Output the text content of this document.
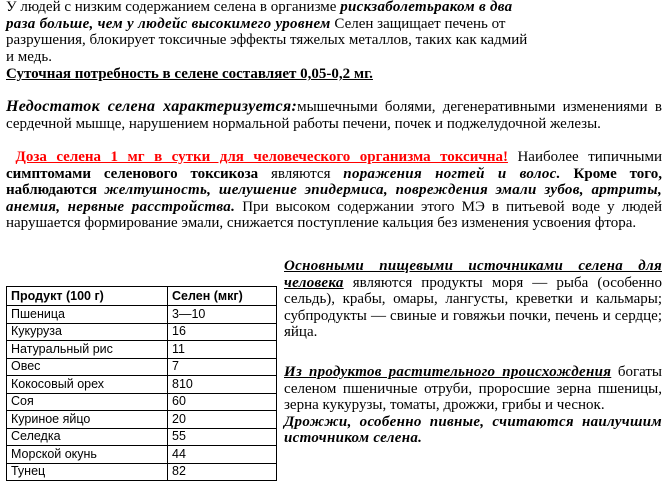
У людей с низким содержанием селена в организме рискзаболетьраком в два
раза больше, чем у людейс высокимего уровнем Селен защищает печень от
разрушения, блокирует токсичные эффекты тяжелых металлов, таких как кадмий
и медь.
Суточная потребность в селене составляет 0,05-0,2 мг.
Недостаток селена характеризуется:мышечными болями, дегенеративными изменениями в сердечной мышце, нарушением нормальной работы печени, почек и поджелудочной железы.
Доза селена 1 мг в сутки для человеческого организма токсична! Наиболее типичными симптомами селенового токсикоза являются поражения ногтей и волос. Кроме того, наблюдаются желтушность, шелушение эпидермиса, повреждения эмали зубов, артриты, анемия, нервные расстройства. При высоком содержании этого МЭ в питьевой воде у людей нарушается формирование эмали, снижается поступление кальция без изменения усвоения фтора.
Продукт (100 г)	Селен (мкг)
Пшеница	3—10
Кукуруза	16
Натуральный рис	11
Овес	7
Кокосовый орех	810
Соя	60
Куриное яйцо	20
Селедка	55
Морской окунь	44
Тунец	82
Основными пищевыми источниками селена для человека являются продукты моря — рыба (особенно сельдь), крабы, омары, лангусты, креветки и кальмары; субпродукты — свиные и говяжьи почки, печень и сердце; яйца.
Из продуктов растительного происхождения богаты селеном пшеничные отруби, проросшие зерна пшеницы, зерна кукурузы, томаты, дрожжи, грибы и чеснок.
Дрожжи, особенно пивные, считаются наилучшим источником селена.
